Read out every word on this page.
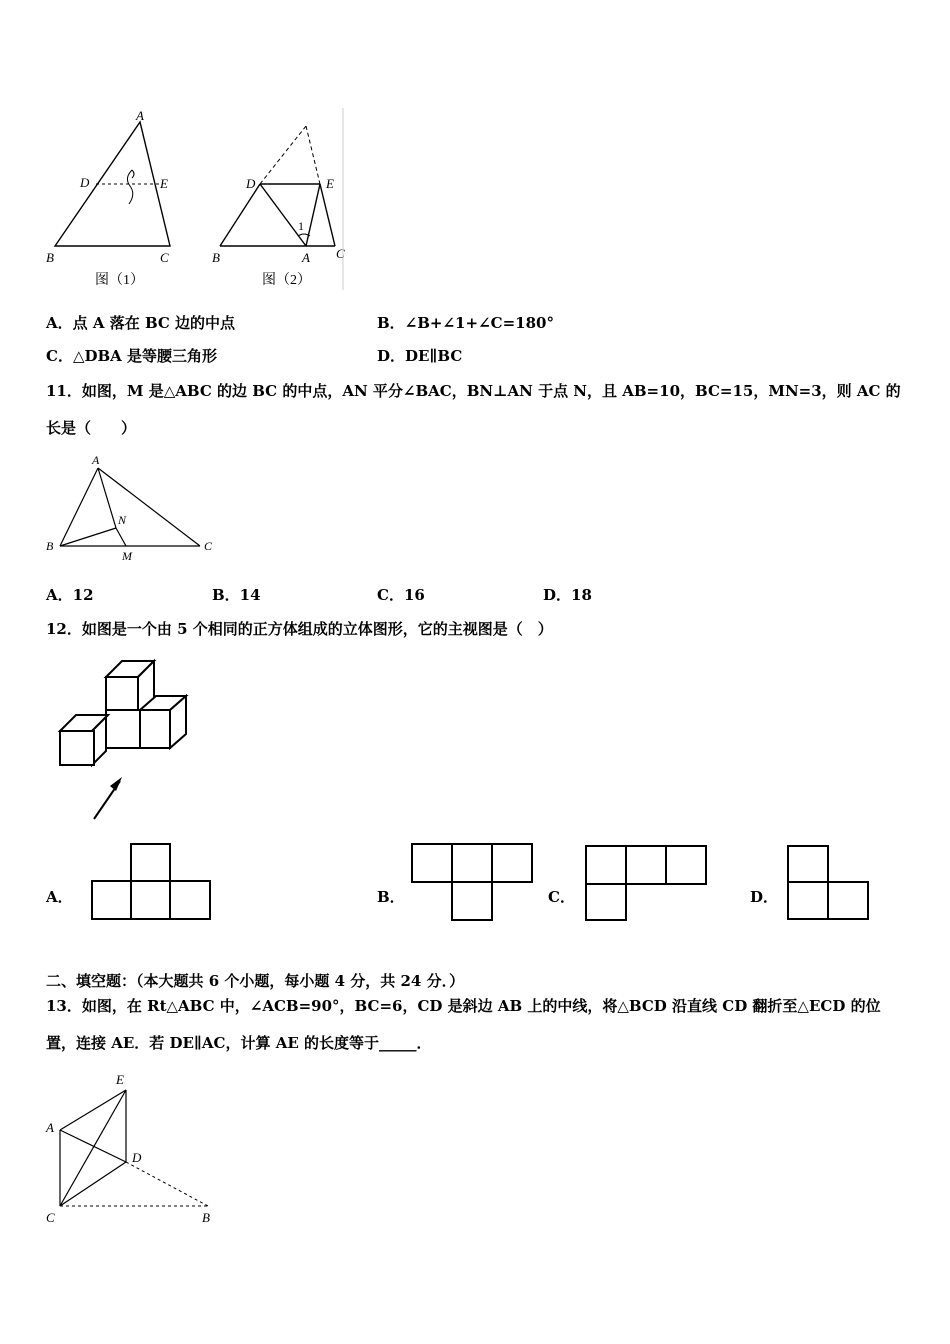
A
D	E
B	C
图（1）
1
D	E
B	A C
图（2）
A．点 A 落在 BC 边的中点	B．∠B+∠1+∠C=180°
C．△DBA 是等腰三角形	D．DE∥BC
11．如图，M 是△ABC 的边 BC 的中点，AN 平分∠BAC，BN⊥AN 于点 N，且 AB=10，BC=15，MN=3，则 AC 的
长是（　　）
A
B	C
N
M
A．12	B．14	C．16	D．18
12．如图是一个由 5 个相同的正方体组成的立体图形，它的主视图是（　）
A．	B．	C．	D．
二、填空题：（本大题共 6 个小题，每小题 4 分，共 24 分．）
13．如图，在 Rt△ABC 中，∠ACB=90°，BC=6，CD 是斜边 AB 上的中线，将△BCD 沿直线 CD 翻折至△ECD 的位
置，连接 AE．若 DE∥AC，计算 AE 的长度等于_____．
E
A
D
C	B
